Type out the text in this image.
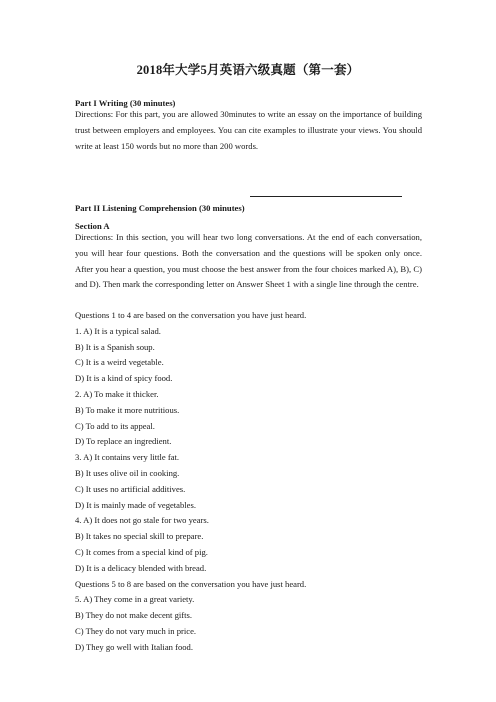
2018年大学5月英语六级真题（第一套）
Part I Writing (30 minutes)

Directions: For this part, you are allowed 30minutes to write an essay on the importance of building trust between employers and employees. You can cite examples to illustrate your views. You should write at least 150 words but no more than 200 words.

Part II Listening Comprehension (30 minutes)
Section A

Directions: In this section, you will hear two long conversations. At the end of each conversation, you will hear four questions. Both the conversation and the questions will be spoken only once. After you hear a question, you must choose the best answer from the four choices marked A), B), C) and D). Then mark the corresponding letter on Answer Sheet 1 with a single line through the centre.

Questions 1 to 4 are based on the conversation you have just heard.
1. A) It is a typical salad.
B) It is a Spanish soup.
C) It is a weird vegetable.
D) It is a kind of spicy food.
2. A) To make it thicker.
B) To make it more nutritious.
C) To add to its appeal.
D) To replace an ingredient.
3. A) It contains very little fat.
B) It uses olive oil in cooking.
C) It uses no artificial additives.
D) It is mainly made of vegetables.
4. A) It does not go stale for two years.
B) It takes no special skill to prepare.
C) It comes from a special kind of pig.
D) It is a delicacy blended with bread.
Questions 5 to 8 are based on the conversation you have just heard.
5. A) They come in a great variety.
B) They do not make decent gifts.
C) They do not vary much in price.
D) They go well with Italian food.
